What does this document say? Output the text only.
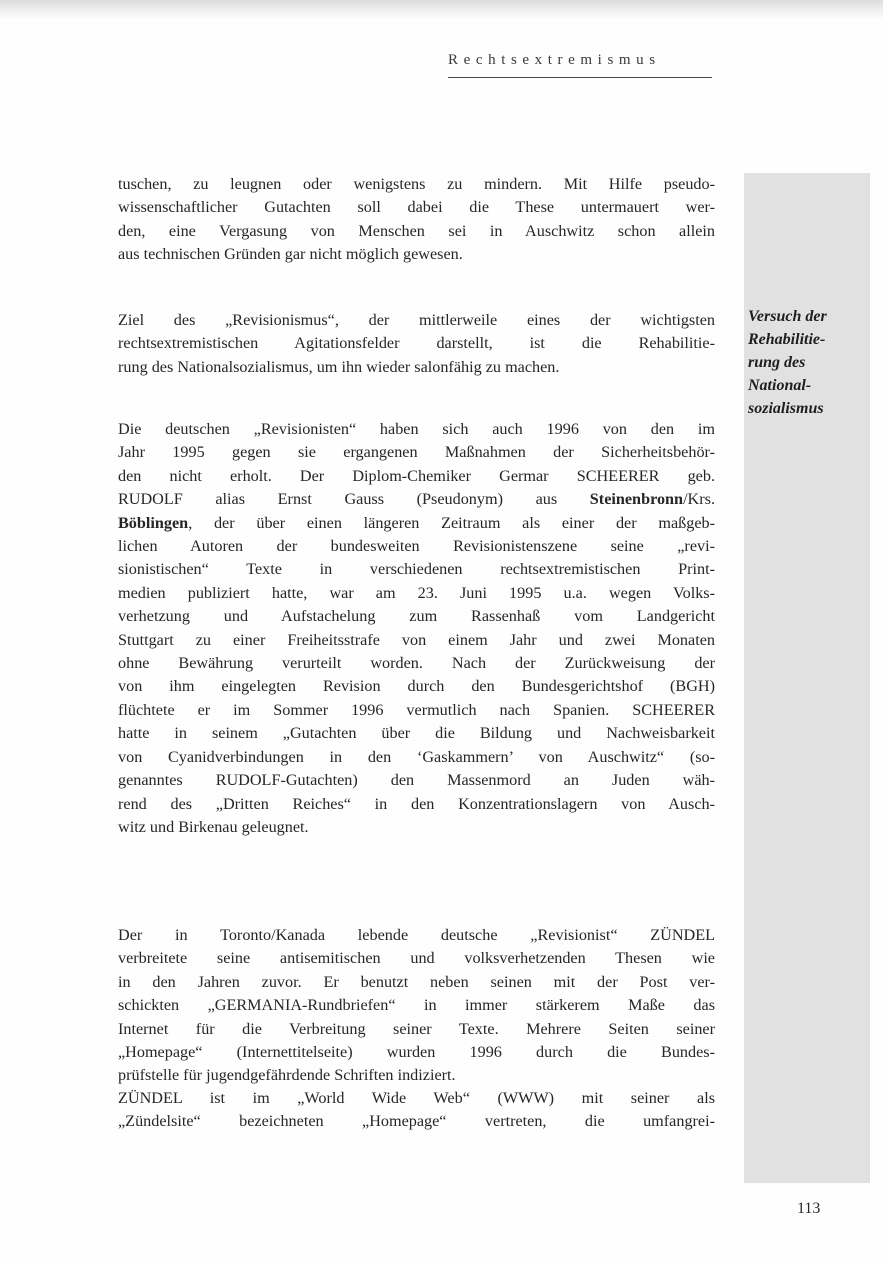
Rechtsextremismus
Versuch der
Rehabilitie-
rung des
National-
sozialismus

tuschen, zu leugnen oder wenigstens zu mindern. Mit Hilfe pseudo-
wissenschaftlicher Gutachten soll dabei die These untermauert wer-
den, eine Vergasung von Menschen sei in Auschwitz schon allein
aus technischen Gründen gar nicht möglich gewesen.

Ziel des „Revisionismus“, der mittlerweile eines der wichtigsten
rechtsextremistischen Agitationsfelder darstellt, ist die Rehabilitie-
rung des Nationalsozialismus, um ihn wieder salonfähig zu machen.

Die deutschen „Revisionisten“ haben sich auch 1996 von den im
Jahr 1995 gegen sie ergangenen Maßnahmen der Sicherheitsbehör-
den nicht erholt. Der Diplom-Chemiker Germar SCHEERER geb.
RUDOLF alias Ernst Gauss (Pseudonym) aus Steinenbronn/Krs.
Böblingen, der über einen längeren Zeitraum als einer der maßgeb-
lichen Autoren der bundesweiten Revisionistenszene seine „revi-
sionistischen“ Texte in verschiedenen rechtsextremistischen Print-
medien publiziert hatte, war am 23. Juni 1995 u.a. wegen Volks-
verhetzung und Aufstachelung zum Rassenhaß vom Landgericht
Stuttgart zu einer Freiheitsstrafe von einem Jahr und zwei Monaten
ohne Bewährung verurteilt worden. Nach der Zurückweisung der
von ihm eingelegten Revision durch den Bundesgerichtshof (BGH)
flüchtete er im Sommer 1996 vermutlich nach Spanien. SCHEERER
hatte in seinem „Gutachten über die Bildung und Nachweisbarkeit
von Cyanidverbindungen in den ‘Gaskammern’ von Auschwitz“ (so-
genanntes RUDOLF-Gutachten) den Massenmord an Juden wäh-
rend des „Dritten Reiches“ in den Konzentrationslagern von Ausch-
witz und Birkenau geleugnet.

Der in Toronto/Kanada lebende deutsche „Revisionist“ ZÜNDEL
verbreitete seine antisemitischen und volksverhetzenden Thesen wie
in den Jahren zuvor. Er benutzt neben seinen mit der Post ver-
schickten „GERMANIA-Rundbriefen“ in immer stärkerem Maße das
Internet für die Verbreitung seiner Texte. Mehrere Seiten seiner
„Homepage“ (Internettitelseite) wurden 1996 durch die Bundes-
prüfstelle für jugendgefährdende Schriften indiziert.

ZÜNDEL ist im „World Wide Web“ (WWW) mit seiner als
„Zündelsite“ bezeichneten „Homepage“ vertreten, die umfangrei-

113
